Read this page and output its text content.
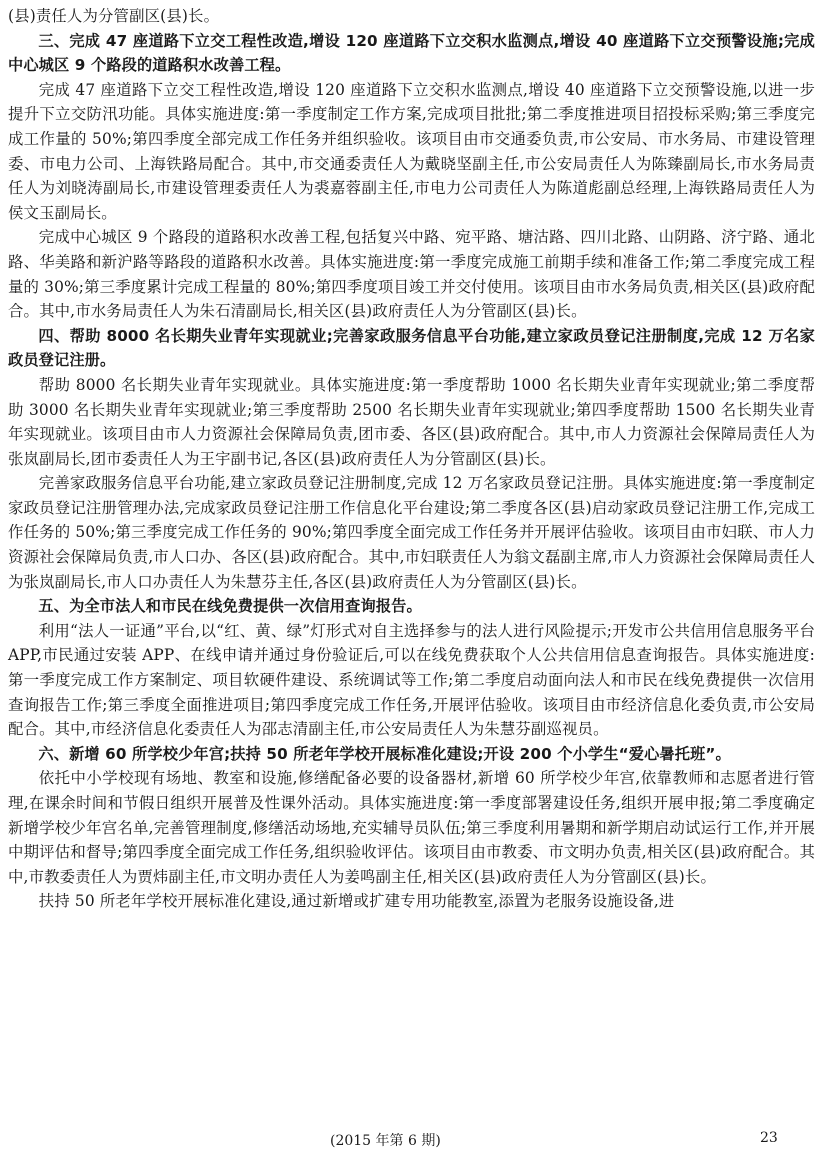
(县)责任人为分管副区(县)长。

三、完成 47 座道路下立交工程性改造,增设 120 座道路下立交积水监测点,增设 40 座道路下立交预警设施;完成中心城区 9 个路段的道路积水改善工程。

完成 47 座道路下立交工程性改造,增设 120 座道路下立交积水监测点,增设 40 座道路下立交预警设施,以进一步提升下立交防汛功能。具体实施进度:第一季度制定工作方案,完成项目批批;第二季度推进项目招投标采购;第三季度完成工作量的 50%;第四季度全部完成工作任务并组织验收。该项目由市交通委负责,市公安局、市水务局、市建设管理委、市电力公司、上海铁路局配合。其中,市交通委责任人为戴晓坚副主任,市公安局责任人为陈臻副局长,市水务局责任人为刘晓涛副局长,市建设管理委责任人为裘嘉蓉副主任,市电力公司责任人为陈道彪副总经理,上海铁路局责任人为侯文玉副局长。

完成中心城区 9 个路段的道路积水改善工程,包括复兴中路、宛平路、塘沽路、四川北路、山阴路、济宁路、通北路、华美路和新沪路等路段的道路积水改善。具体实施进度:第一季度完成施工前期手续和准备工作;第二季度完成工程量的 30%;第三季度累计完成工程量的 80%;第四季度项目竣工并交付使用。该项目由市水务局负责,相关区(县)政府配合。其中,市水务局责任人为朱石清副局长,相关区(县)政府责任人为分管副区(县)长。

四、帮助 8000 名长期失业青年实现就业;完善家政服务信息平台功能,建立家政员登记注册制度,完成 12 万名家政员登记注册。

帮助 8000 名长期失业青年实现就业。具体实施进度:第一季度帮助 1000 名长期失业青年实现就业;第二季度帮助 3000 名长期失业青年实现就业;第三季度帮助 2500 名长期失业青年实现就业;第四季度帮助 1500 名长期失业青年实现就业。该项目由市人力资源社会保障局负责,团市委、各区(县)政府配合。其中,市人力资源社会保障局责任人为张岚副局长,团市委责任人为王宇副书记,各区(县)政府责任人为分管副区(县)长。

完善家政服务信息平台功能,建立家政员登记注册制度,完成 12 万名家政员登记注册。具体实施进度:第一季度制定家政员登记注册管理办法,完成家政员登记注册工作信息化平台建设;第二季度各区(县)启动家政员登记注册工作,完成工作任务的 50%;第三季度完成工作任务的 90%;第四季度全面完成工作任务并开展评估验收。该项目由市妇联、市人力资源社会保障局负责,市人口办、各区(县)政府配合。其中,市妇联责任人为翁文磊副主席,市人力资源社会保障局责任人为张岚副局长,市人口办责任人为朱慧芬主任,各区(县)政府责任人为分管副区(县)长。

五、为全市法人和市民在线免费提供一次信用查询报告。

利用“法人一证通”平台,以“红、黄、绿”灯形式对自主选择参与的法人进行风险提示;开发市公共信用信息服务平台 APP,市民通过安装 APP、在线申请并通过身份验证后,可以在线免费获取个人公共信用信息查询报告。具体实施进度:第一季度完成工作方案制定、项目软硬件建设、系统调试等工作;第二季度启动面向法人和市民在线免费提供一次信用查询报告工作;第三季度全面推进项目;第四季度完成工作任务,开展评估验收。该项目由市经济信息化委负责,市公安局配合。其中,市经济信息化委责任人为邵志清副主任,市公安局责任人为朱慧芬副巡视员。

六、新增 60 所学校少年宫;扶持 50 所老年学校开展标准化建设;开设 200 个小学生“爱心暑托班”。

依托中小学校现有场地、教室和设施,修缮配备必要的设备器材,新增 60 所学校少年宫,依靠教师和志愿者进行管理,在课余时间和节假日组织开展普及性课外活动。具体实施进度:第一季度部署建设任务,组织开展申报;第二季度确定新增学校少年宫名单,完善管理制度,修缮活动场地,充实辅导员队伍;第三季度利用暑期和新学期启动试运行工作,并开展中期评估和督导;第四季度全面完成工作任务,组织验收评估。该项目由市教委、市文明办负责,相关区(县)政府配合。其中,市教委责任人为贾炜副主任,市文明办责任人为姜鸣副主任,相关区(县)政府责任人为分管副区(县)长。

扶持 50 所老年学校开展标准化建设,通过新增或扩建专用功能教室,添置为老服务设施设备,进

(2015 年第 6 期)	23
